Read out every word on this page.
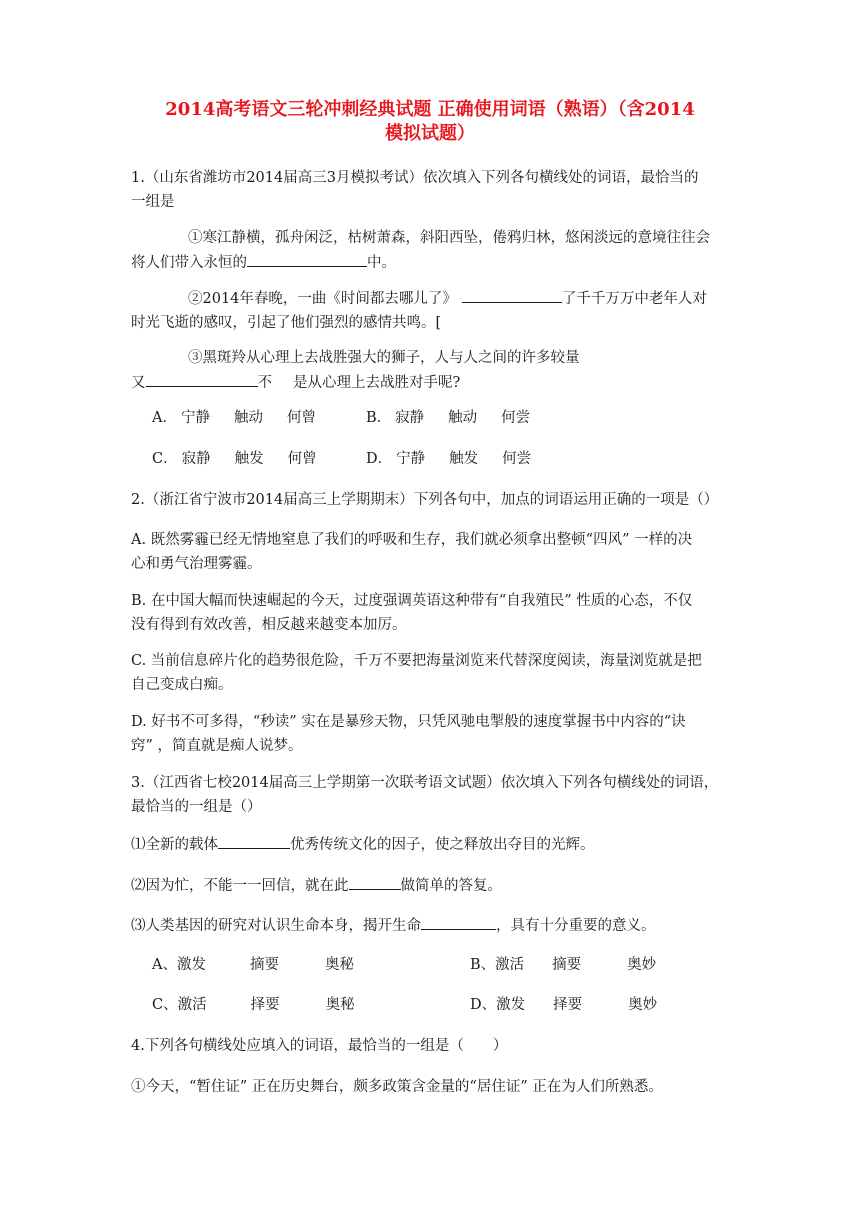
2014高考语文三轮冲刺经典试题 正确使用词语（熟语）（含2014
模拟试题）
1.（山东省潍坊市2014届高三3月模拟考试）依次填入下列各句横线处的词语，最恰当的
一组是
①寒江静横，孤舟闲泛，枯树萧森，斜阳西坠，倦鸦归林，悠闲淡远的意境往往会
将人们带入永恒的	中。
②2014年春晚，一曲《时间都去哪儿了》	了千千万万中老年人对
时光飞逝的感叹，引起了他们强烈的感情共鸣。[
③黑斑羚从心理上去战胜强大的狮子，人与人之间的许多较量
又	不 是从心理上去战胜对手呢?
A． 宁静 触动 何曾	B． 寂静 触动 何尝
C． 寂静 触发 何曾	D． 宁静 触发 何尝
2.（浙江省宁波市2014届高三上学期期末）下列各句中，加点的词语运用正确的一项是（）
A. 既然雾霾已经无情地窒息了我们的呼吸和生存，我们就必须拿出整顿“四风” 一样的决
心和勇气治理雾霾。
B. 在中国大幅而快速崛起的今天，过度强调英语这种带有“自我殖民” 性质的心态，不仅
没有得到有效改善，相反越来越变本加厉。
C. 当前信息碎片化的趋势很危险，千万不要把海量浏览来代替深度阅读，海量浏览就是把
自己变成白痴。
D. 好书不可多得，“秒读” 实在是暴殄天物，只凭风驰电掣般的速度掌握书中内容的“诀
窍” ，简直就是痴人说梦。
3.（江西省七校2014届高三上学期第一次联考语文试题）依次填入下列各句横线处的词语，
最恰当的一组是（）
⑴全新的载体	优秀传统文化的因子，使之释放出夺目的光辉。
⑵因为忙，不能一一回信，就在此	做简单的答复。
⑶人类基因的研究对认识生命本身，揭开生命	，具有十分重要的意义。
A、激发	摘要	奥秘	B、激活 摘要	奥妙
C、激活	择要	奥秘	D、激发 择要	奥妙
4.下列各句横线处应填入的词语，最恰当的一组是（　　）
①今天，“暂住证” 正在历史舞台，颇多政策含金量的“居住证” 正在为人们所熟悉。
